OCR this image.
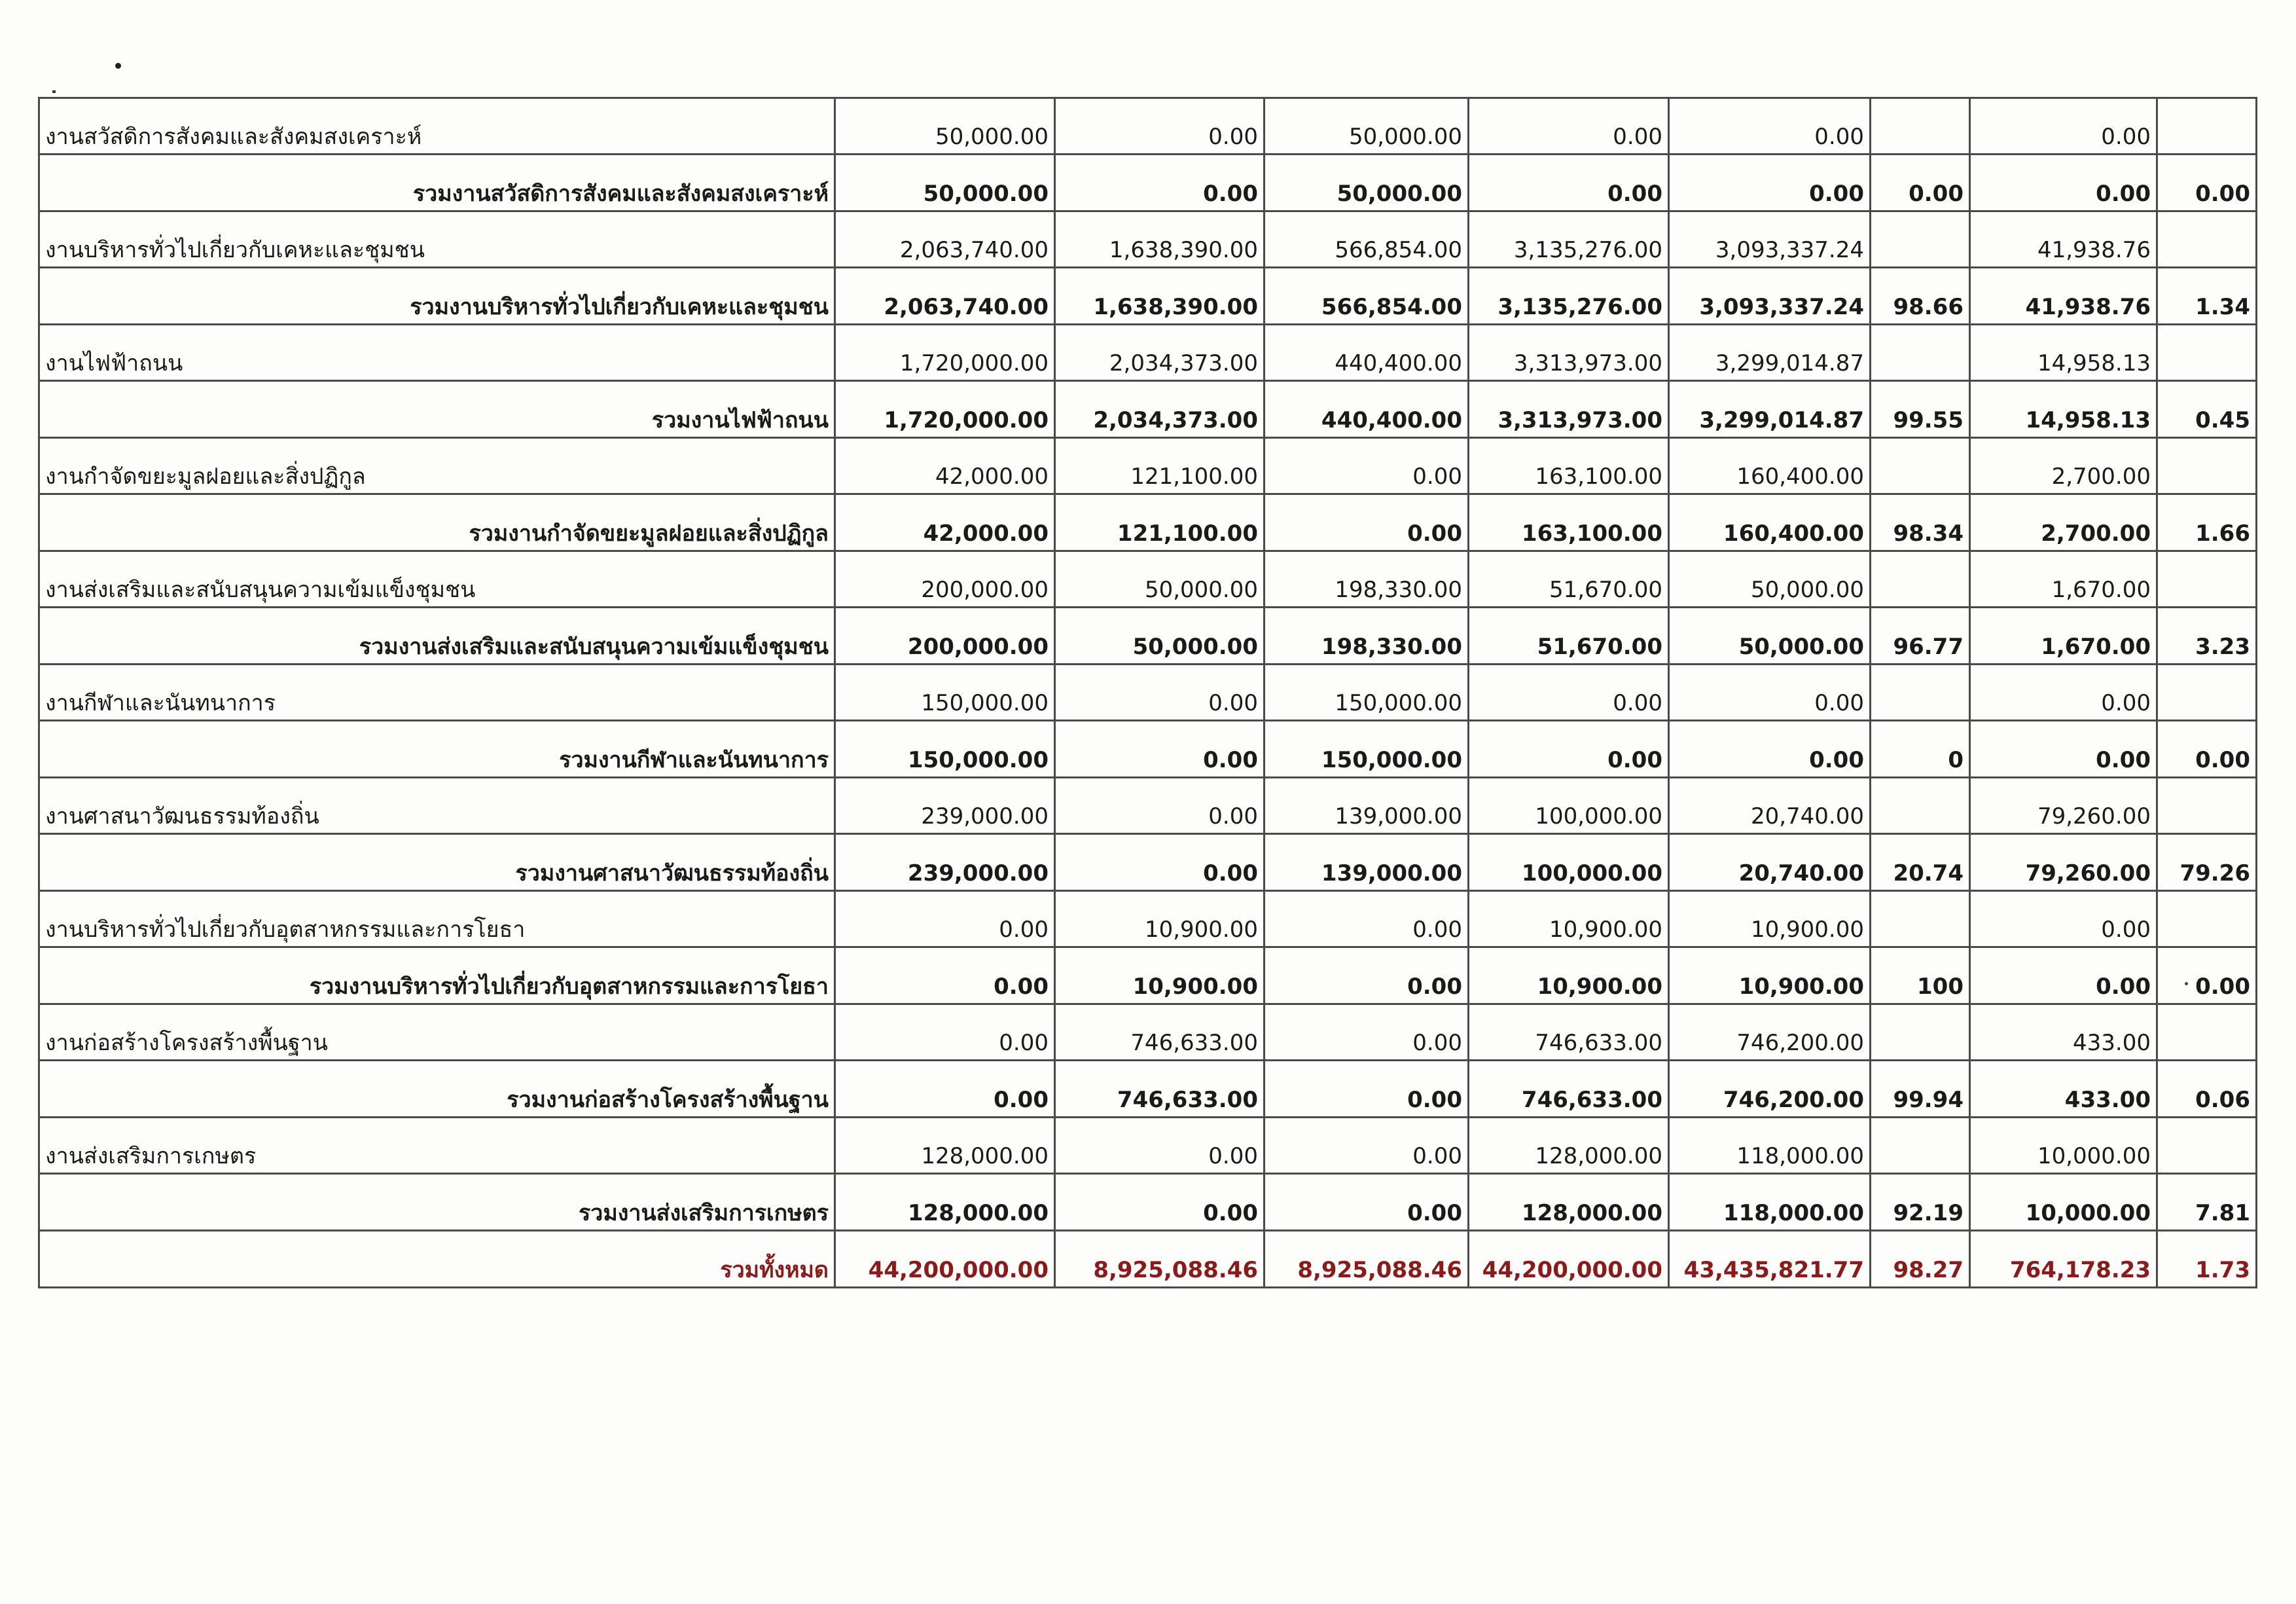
งานสวัสดิการสังคมและสังคมสงเคราะห์	50,000.00	0.00	50,000.00	0.00	0.00		0.00	
รวมงานสวัสดิการสังคมและสังคมสงเคราะห์	50,000.00	0.00	50,000.00	0.00	0.00	0.00	0.00	0.00
งานบริหารทั่วไปเกี่ยวกับเคหะและชุมชน	2,063,740.00	1,638,390.00	566,854.00	3,135,276.00	3,093,337.24		41,938.76	
รวมงานบริหารทั่วไปเกี่ยวกับเคหะและชุมชน	2,063,740.00	1,638,390.00	566,854.00	3,135,276.00	3,093,337.24	98.66	41,938.76	1.34
งานไฟฟ้าถนน	1,720,000.00	2,034,373.00	440,400.00	3,313,973.00	3,299,014.87		14,958.13	
รวมงานไฟฟ้าถนน	1,720,000.00	2,034,373.00	440,400.00	3,313,973.00	3,299,014.87	99.55	14,958.13	0.45
งานกำจัดขยะมูลฝอยและสิ่งปฏิกูล	42,000.00	121,100.00	0.00	163,100.00	160,400.00		2,700.00	
รวมงานกำจัดขยะมูลฝอยและสิ่งปฏิกูล	42,000.00	121,100.00	0.00	163,100.00	160,400.00	98.34	2,700.00	1.66
งานส่งเสริมและสนับสนุนความเข้มแข็งชุมชน	200,000.00	50,000.00	198,330.00	51,670.00	50,000.00		1,670.00	
รวมงานส่งเสริมและสนับสนุนความเข้มแข็งชุมชน	200,000.00	50,000.00	198,330.00	51,670.00	50,000.00	96.77	1,670.00	3.23
งานกีฬาและนันทนาการ	150,000.00	0.00	150,000.00	0.00	0.00		0.00	
รวมงานกีฬาและนันทนาการ	150,000.00	0.00	150,000.00	0.00	0.00	0	0.00	0.00
งานศาสนาวัฒนธรรมท้องถิ่น	239,000.00	0.00	139,000.00	100,000.00	20,740.00		79,260.00	
รวมงานศาสนาวัฒนธรรมท้องถิ่น	239,000.00	0.00	139,000.00	100,000.00	20,740.00	20.74	79,260.00	79.26
งานบริหารทั่วไปเกี่ยวกับอุตสาหกรรมและการโยธา	0.00	10,900.00	0.00	10,900.00	10,900.00		0.00	
รวมงานบริหารทั่วไปเกี่ยวกับอุตสาหกรรมและการโยธา	0.00	10,900.00	0.00	10,900.00	10,900.00	100	0.00	0.00
งานก่อสร้างโครงสร้างพื้นฐาน	0.00	746,633.00	0.00	746,633.00	746,200.00		433.00	
รวมงานก่อสร้างโครงสร้างพื้นฐาน	0.00	746,633.00	0.00	746,633.00	746,200.00	99.94	433.00	0.06
งานส่งเสริมการเกษตร	128,000.00	0.00	0.00	128,000.00	118,000.00		10,000.00	
รวมงานส่งเสริมการเกษตร	128,000.00	0.00	0.00	128,000.00	118,000.00	92.19	10,000.00	7.81
รวมทั้งหมด	44,200,000.00	8,925,088.46	8,925,088.46	44,200,000.00	43,435,821.77	98.27	764,178.23	1.73
